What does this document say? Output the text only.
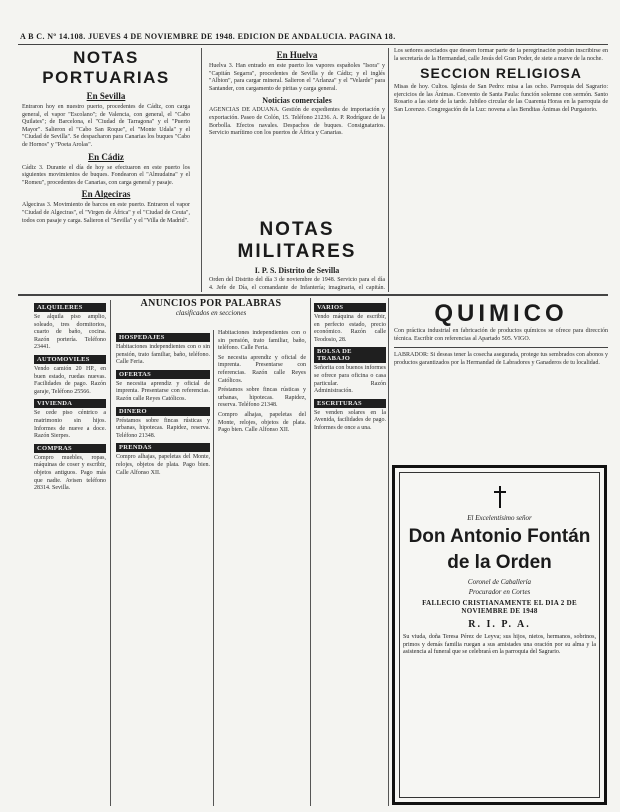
A B C. Nº 14.108. JUEVES 4 DE NOVIEMBRE DE 1948. EDICION DE ANDALUCIA. PAGINA 18.
NOTAS PORTUARIAS
En Sevilla

Entraron hoy en nuestro puerto, procedentes de Cádiz, con carga general, el vapor "Escolano"; de Valencia, con general, el "Cabo Quilates"; de Barcelona, el "Ciudad de Tarragona" y el "Puerto Mayor". Salieron el "Cabo San Roque", el "Monte Udala" y el "Ciudad de Sevilla". Se despacharon para Canarias los buques "Cabo de Hornos" y "Poeta Arolas".

En Cádiz

Cádiz 3. Durante el día de hoy se efectuaron en este puerto los siguientes movimientos de buques. Fondearon el "Almudaina" y el "Romeu", procedentes de Canarias, con carga general y pasaje.

En Algeciras

Algeciras 3. Movimiento de barcos en este puerto. Entraron el vapor "Ciudad de Algeciras", el "Virgen de África" y el "Ciudad de Ceuta", todos con pasaje y carga. Salieron el "Sevilla" y el "Villa de Madrid".

En Huelva

Huelva 3. Han entrado en este puerto los vapores españoles "Isora" y "Capitán Segarra", procedentes de Sevilla y de Cádiz; y el inglés "Albion", para cargar mineral. Salieron el "Arlanza" y el "Velarde" para Santander, con cargamento de piritas y carga general.

Noticias comerciales

AGENCIAS DE ADUANA. Gestión de expedientes de importación y exportación. Paseo de Colón, 15. Teléfono 21236. A. P. Rodríguez de la Borbolla. Efectos navales. Despachos de buques. Consignatarios. Servicio marítimo con los puertos de África y Canarias.

NOTAS MILITARES
I. P. S. Distrito de Sevilla

Orden del Distrito del día 3 de noviembre de 1948. Servicio para el día 4. Jefe de Día, el comandante de Infantería; imaginaria, el capitán.

Los señores asociados que deseen formar parte de la peregrinación podrán inscribirse en la secretaría de la Hermandad, calle Jesús del Gran Poder, de siete a nueve de la noche.

SECCION RELIGIOSA

Misas de hoy. Cultos. Iglesia de San Pedro: misa a las ocho. Parroquia del Sagrario: ejercicios de las Ánimas. Convento de Santa Paula: función solemne con sermón. Santo Rosario a las siete de la tarde. Jubileo circular de las Cuarenta Horas en la parroquia de San Lorenzo. Congregación de la Luz: novena a las Benditas Ánimas del Purgatorio.

ANUNCIOS POR PALABRAS
clasificados en secciones
ALQUILERES

Se alquila piso amplio, soleado, tres dormitorios, cuarto de baño, cocina. Razón portería. Teléfono 23441.

AUTOMOVILES

Vendo camión 20 HP., en buen estado, ruedas nuevas. Facilidades de pago. Razón garaje, Teléfono 25566.

VIVIENDA

Se cede piso céntrico a matrimonio sin hijos. Informes de nueve a doce. Razón Sierpes.

COMPRAS

Compro muebles, ropas, máquinas de coser y escribir, objetos antiguos. Pago más que nadie. Avisen teléfono 28314. Sevilla.

HOSPEDAJES

Habitaciones independientes con o sin pensión, trato familiar, baño, teléfono. Calle Feria.

OFERTAS

Se necesita aprendiz y oficial de imprenta. Presentarse con referencias. Razón calle Reyes Católicos.

DINERO

Préstamos sobre fincas rústicas y urbanas, hipotecas. Rapidez, reserva. Teléfono 21348.

PRENDAS

Compro alhajas, papeletas del Monte, relojes, objetos de plata. Pago bien. Calle Alfonso XII.

Habitaciones independientes con o sin pensión, trato familiar, baño, teléfono. Calle Feria.

Se necesita aprendiz y oficial de imprenta. Presentarse con referencias. Razón calle Reyes Católicos.

Préstamos sobre fincas rústicas y urbanas, hipotecas. Rapidez, reserva. Teléfono 21348.

Compro alhajas, papeletas del Monte, relojes, objetos de plata. Pago bien. Calle Alfonso XII.

VARIOS

Vendo máquina de escribir, en perfecto estado, precio económico. Razón calle Teodosio, 28.

BOLSA DE TRABAJO

Señorita con buenos informes se ofrece para oficina o casa particular. Razón Administración.

ESCRITURAS

Se venden solares en la Avenida, facilidades de pago. Informes de once a una.

QUIMICO

Con práctica industrial en fabricación de productos químicos se ofrece para dirección técnica. Escribir con referencias al Apartado 505. VIGO.

LABRADOR: Si deseas tener la cosecha asegurada, protege tus sembrados con abonos y productos garantizados por la Hermandad de Labradores y Ganaderos de tu localidad.

El Excelentísimo señor
Don Antonio Fontán
de la Orden
Coronel de Caballería
Procurador en Cortes
FALLECIO CRISTIANAMENTE EL DIA 2 DE NOVIEMBRE DE 1948
R. I. P. A.
Su viuda, doña Teresa Pérez de Leyva; sus hijos, nietos, hermanos, sobrinos, primos y demás familia ruegan a sus amistades una oración por su alma y la asistencia al funeral que se celebrará en la parroquia del Sagrario.
